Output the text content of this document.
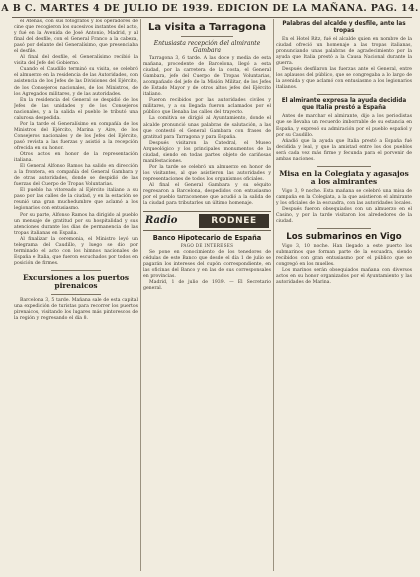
A B C. MARTES 4 DE JULIO DE 1939. EDICION DE LA MAÑANA. PAG. 14.

el Atenas, con sus fotógrafos y los operadores de cine que recogieron los sucesivos instantes del acto, y fué en la Avenida de José Antonio, Madrid, y al final del desfile, con el General Franco a la cabeza, pasó por delante del Generalísimo, que presenciaba el desfile.

Al final del desfile, el Generalísimo recibió la visita del Jefe del Gobierno.

Cuando el Caudillo terminó su visita, se celebró el almuerzo en la residencia de las Autoridades, con asistencia de los Jefes de las Divisiones del Ejército, de los Consejeros nacionales, de los Ministros, de los Agregados militares, y de las autoridades.

En la residencia del General se despidió de los Jefes de las unidades y de los Consejeros nacionales, y a la salida el pueblo le tributó una calurosa despedida.

Por la tarde el Generalísimo en compañía de los Ministros del Ejército, Marina y Aire, de los Consejeros nacionales y de los Jefes del Ejército, pasó revista a las fuerzas y asistió a la recepción ofrecida en su honor.

Otros actos en honor de la representación italiana.

El General Alfonso Ramos ha salido en dirección a la frontera, en compañía del General Gambara y de otras autoridades, donde se despidió de las fuerzas del Cuerpo de Tropas Voluntarias.

El pueblo ha vitoreado al Ejército italiano a su paso por las calles de la ciudad, y en la estación se reunió una gran muchedumbre que aclamó a los legionarios con entusiasmo.

Por su parte, Alfonso Ramos ha dirigido al pueblo un mensaje de gratitud por su hospitalidad y sus atenciones durante los días de permanencia de las tropas italianas en España.

Al finalizar la ceremonia, el Ministro leyó un telegrama del Caudillo, y luego se dio por terminado el acto con los himnos nacionales de España e Italia, que fueron escuchados por todos en posición de firmes.

Excursiones a los puertos pirenaicos

Barcelona 3, 5 tarde. Mañana sale de esta capital una expedición de turistas para recorrer los puertos pirenaicos, visitando los lugares más pintorescos de la región y regresando el día 8.

La visita a Tarragona
Entusiasta recepción del almirante Gambara

Tarragona 3, 6 tarde. A las doce y media de esta mañana, procedente de Barcelona, llegó a esta ciudad, por la carretera de la costa, el General Gambara, jefe del Cuerpo de Tropas Voluntarias, acompañado del jefe de la Misión Militar, de los Jefes de Estado Mayor y de otros altos jefes del Ejército italiano.

Fueron recibidos por las autoridades civiles y militares, y a su llegada fueron aclamados por el público que llenaba las calles del trayecto.

La comitiva se dirigió al Ayuntamiento, donde el alcalde pronunció unas palabras de salutación, a las que contestó el General Gambara con frases de gratitud para Tarragona y para España.

Después visitaron la Catedral, el Museo Arqueológico y los principales monumentos de la ciudad, siendo en todas partes objeto de cariñosas manifestaciones.

Por la tarde se celebró un almuerzo en honor de los visitantes, al que asistieron las autoridades y representaciones de todos los organismos oficiales.

Al final el General Gambara y su séquito regresaron a Barcelona, despedidos con entusiasmo por el pueblo tarraconense que acudió a la salida de la ciudad para tributarles un último homenaje.

Radio	RODNEE
Banco Hipotecario de España
PAGO DE INTERESES

Se pone en conocimiento de los tenedores de cédulas de este Banco que desde el día 1 de julio se pagarán los intereses del cupón correspondiente, en las oficinas del Banco y en las de sus corresponsales en provincias.

Madrid, 1 de julio de 1939. — El Secretario general.

Palabras del alcalde y desfile, ante las tropas

En el Hotel Ritz, fué el alcalde quien en nombre de la ciudad ofreció un homenaje a las tropas italianas, pronunciando unas palabras de agradecimiento por la ayuda que Italia prestó a la Causa Nacional durante la guerra.

Después desfilaron las fuerzas ante el General, entre los aplausos del público, que se congregaba a lo largo de la avenida y que aclamó con entusiasmo a los legionarios italianos.

El almirante expresa la ayuda decidida que Italia prestó a España

Antes de marchar el almirante, dijo a los periodistas que se llevaba un recuerdo imborrable de su estancia en España, y expresó su admiración por el pueblo español y por su Caudillo.

Añadió que la ayuda que Italia prestó a España fué decidida y leal, y que la amistad entre los dos pueblos será cada vez más firme y fecunda para el porvenir de ambas naciones.

Misa en la Colegiata y agasajos a los almirantes

Vigo 3, 9 noche. Esta mañana se celebró una misa de campaña en la Colegiata, a la que asistieron el almirante y los oficiales de la escuadra, con las autoridades locales.

Después fueron obsequiados con un almuerzo en el Casino, y por la tarde visitaron los alrededores de la ciudad.

Los submarinos en Vigo

Vigo 3, 10 noche. Han llegado a este puerto los submarinos que forman parte de la escuadra, siendo recibidos con gran entusiasmo por el público que se congregó en los muelles.

Los marinos serán obsequiados mañana con diversos actos en su honor organizados por el Ayuntamiento y las autoridades de Marina.
